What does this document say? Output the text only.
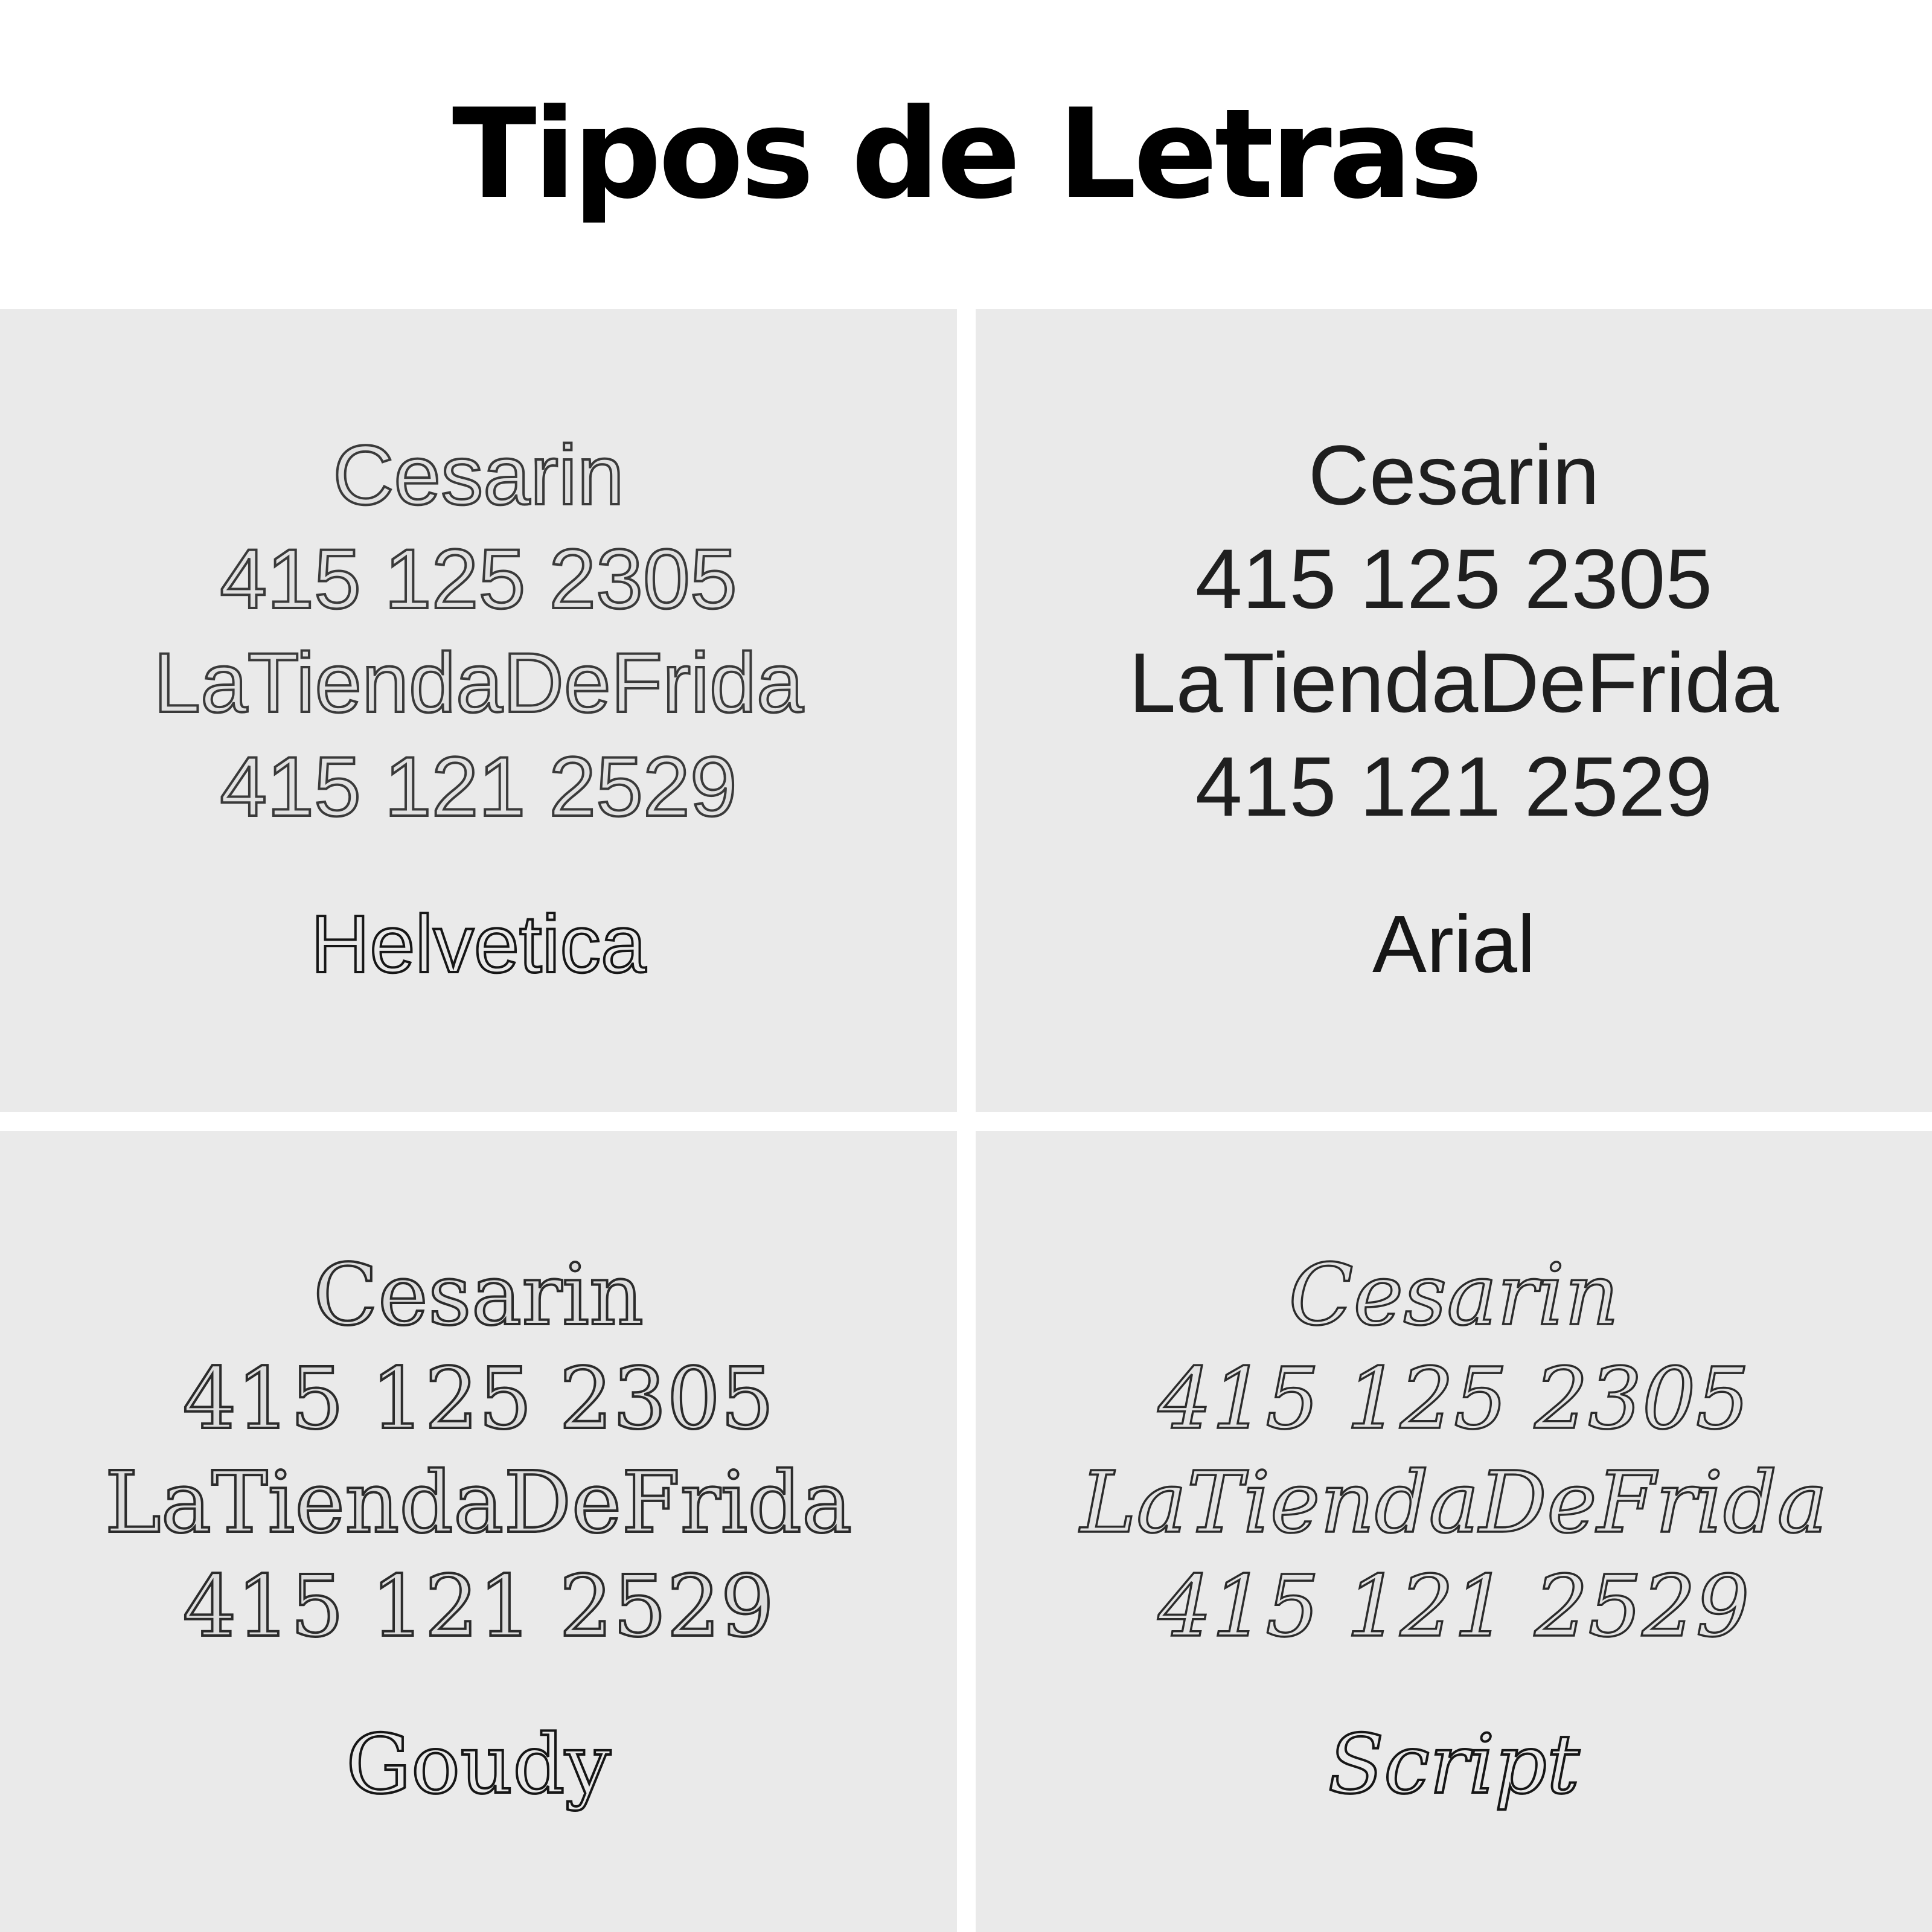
Tipos de Letras
Cesarin
415 125 2305
LaTiendaDeFrida
415 121 2529
Helvetica
Cesarin
415 125 2305
LaTiendaDeFrida
415 121 2529
Arial
Cesarin
415 125 2305
LaTiendaDeFrida
415 121 2529
Goudy
Cesarin
415 125 2305
LaTiendaDeFrida
415 121 2529
Script
